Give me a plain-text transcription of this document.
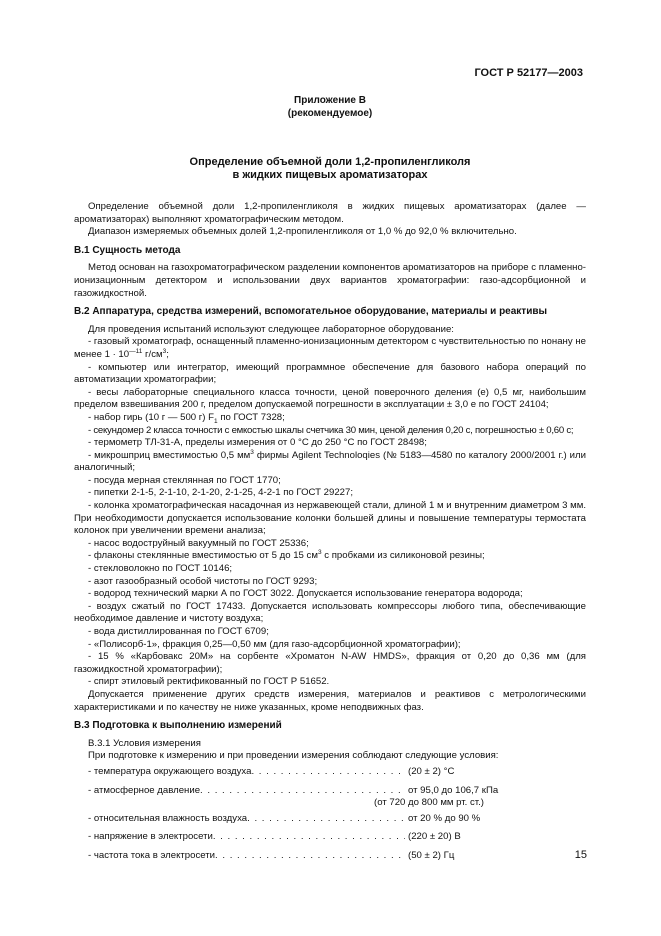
ГОСТ Р 52177—2003
Приложение В
(рекомендуемое)
Определение объемной доли 1,2-пропиленгликоля
в жидких пищевых ароматизаторах

Определение объемной доли 1,2-пропиленгликоля в жидких пищевых ароматизаторах (далее — ароматизаторах) выполняют хроматографическим методом.

Диапазон измеряемых объемных долей 1,2-пропиленгликоля от 1,0 % до 92,0 % включительно.

В.1 Сущность метода

Метод основан на газохроматографическом разделении компонентов ароматизаторов на приборе с пламенно-ионизационным детектором и использовании двух вариантов хроматографии: газо-адсорбционной и газожидкостной.

В.2 Аппаратура, средства измерений, вспомогательное оборудование, материалы и реактивы

Для проведения испытаний используют следующее лабораторное оборудование:

- газовый хроматограф, оснащенный пламенно-ионизационным детектором с чувствительностью по нонану не менее $1 \cdot 10^{—11}$ $г/см^3$;

- компьютер или интегратор, имеющий программное обеспечение для базового набора операций по автоматизации хроматографии;

- весы лабораторные специального класса точности, ценой поверочного деления (е) 0,5 мг, наибольшим пределом взвешивания 200 г, пределом допускаемой погрешности в эксплуатации ± 3,0 е по ГОСТ 24104;

- набор гирь (10 г — 500 г) $F_1$ по ГОСТ 7328;

- секундомер 2 класса точности с емкостью шкалы счетчика 30 мин, ценой деления 0,20 с, погрешностью ± 0,60 с;

- термометр ТЛ-31-А, пределы измерения от 0 °С до 250 °С по ГОСТ 28498;

- микрошприц вместимостью 0,5 $мм^3$ фирмы Agilent Technoloqies (№ 5183—4580 по каталогу 2000/2001 г.) или аналогичный;

- посуда мерная стеклянная по ГОСТ 1770;

- пипетки 2-1-5, 2-1-10, 2-1-20, 2-1-25, 4-2-1 по ГОСТ 29227;

- колонка хроматографическая насадочная из нержавеющей стали, длиной 1 м и внутренним диаметром 3 мм. При необходимости допускается использование колонки большей длины и повышение температуры термостата колонок при увеличении времени анализа;

- насос водоструйный вакуумный по ГОСТ 25336;

- флаконы стеклянные вместимостью от 5 до 15 $см^3$ с пробками из силиконовой резины;

- стекловолокно по ГОСТ 10146;

- азот газообразный особой чистоты по ГОСТ 9293;

- водород технический марки А по ГОСТ 3022. Допускается использование генератора водорода;

- воздух сжатый по ГОСТ 17433. Допускается использовать компрессоры любого типа, обеспечивающие необходимое давление и чистоту воздуха;

- вода дистиллированная по ГОСТ 6709;

- «Полисорб-1», фракция 0,25—0,50 мм (для газо-адсорбционной хроматографии);

- 15 % «Карбовакс 20М» на сорбенте «Хроматон N-AW HMDS», фракция от 0,20 до 0,36 мм (для газожидкостной хроматографии);

- спирт этиловый ректификованный по ГОСТ Р 51652.

Допускается применение других средств измерения, материалов и реактивов с метрологическими характеристиками и по качеству не ниже указанных, кроме неподвижных фаз.

В.3 Подготовка к выполнению измерений

В.3.1 Условия измерения

При подготовке к измерению и при проведении измерения соблюдают следующие условия:

- температура окружающего воздуха . . .	(20 ± 2) °С
- атмосферное давление . . .	от 95,0 до 106,7 кПа
(от 720 до 800 мм рт. ст.)
- относительная влажность воздуха . . .	от 20 % до 90 %
- напряжение в электросети . . .	(220 ± 20) В
- частота тока в электросети . . .	(50 ± 2) Гц	15
